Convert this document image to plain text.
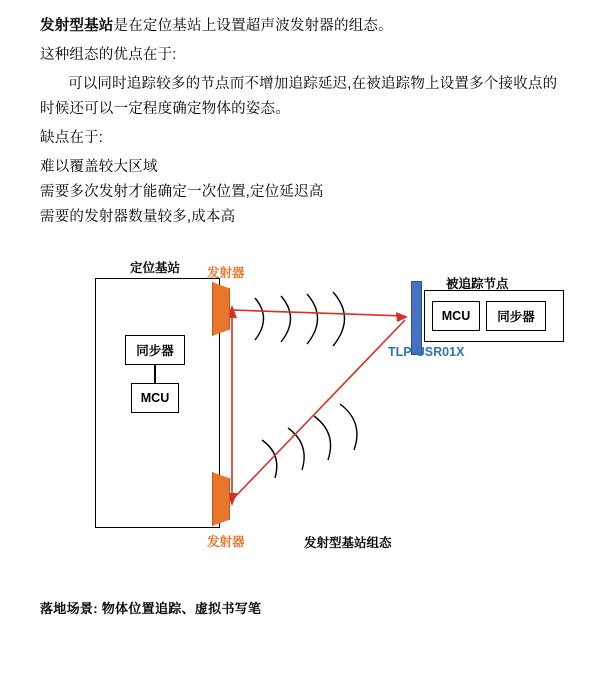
发射型基站是在定位基站上设置超声波发射器的组态。

这种组态的优点在于:

可以同时追踪较多的节点而不增加追踪延迟,在被追踪物上设置多个接收点的时候还可以一定程度确定物体的姿态。

缺点在于:

难以覆盖较大区域

需要多次发射才能确定一次位置,定位延迟高

需要的发射器数量较多,成本高

定位基站
同步器
MCU
发射器
发射器
TLP-USR01X
被追踪节点
MCU	同步器
发射型基站组态
落地场景: 物体位置追踪、虚拟书写笔
